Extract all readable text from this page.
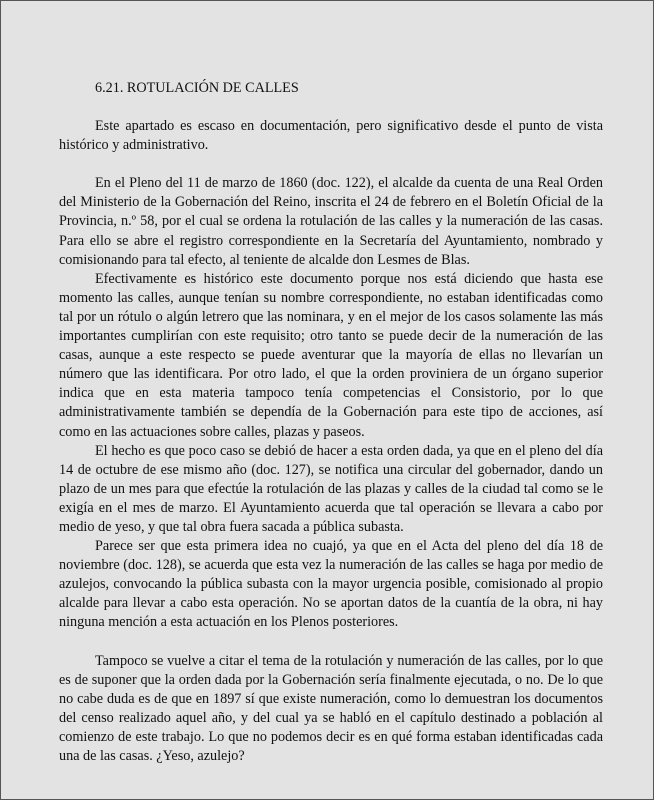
6.21. ROTULACIÓN DE CALLES

Este apartado es escaso en documentación, pero significativo desde el punto de vista histórico y administrativo.

En el Pleno del 11 de marzo de 1860 (doc. 122), el alcalde da cuenta de una Real Orden del Ministerio de la Gobernación del Reino, inscrita el 24 de febrero en el Boletín Oficial de la Provincia, n.º 58, por el cual se ordena la rotulación de las calles y la numeración de las casas. Para ello se abre el registro correspondiente en la Secretaría del Ayuntamiento, nombrado y comisionando para tal efecto, al teniente de alcalde don Lesmes de Blas.

Efectivamente es histórico este documento porque nos está diciendo que hasta ese momento las calles, aunque tenían su nombre correspondiente, no estaban identificadas como tal por un rótulo o algún letrero que las nominara, y en el mejor de los casos solamente las más importantes cumplirían con este requisito; otro tanto se puede decir de la numeración de las casas, aunque a este respecto se puede aventurar que la mayoría de ellas no llevarían un número que las identificara. Por otro lado, el que la orden proviniera de un órgano superior indica que en esta materia tampoco tenía competencias el Consistorio, por lo que administrativamente también se dependía de la Gobernación para este tipo de acciones, así como en las actuaciones sobre calles, plazas y paseos.

El hecho es que poco caso se debió de hacer a esta orden dada, ya que en el pleno del día 14 de octubre de ese mismo año (doc. 127), se notifica una circular del gobernador, dando un plazo de un mes para que efectúe la rotulación de las plazas y calles de la ciudad tal como se le exigía en el mes de marzo. El Ayuntamiento acuerda que tal operación se llevara a cabo por medio de yeso, y que tal obra fuera sacada a pública subasta.

Parece ser que esta primera idea no cuajó, ya que en el Acta del pleno del día 18 de noviembre (doc. 128), se acuerda que esta vez la numeración de las calles se haga por medio de azulejos, convocando la pública subasta con la mayor urgencia posible, comisionado al propio alcalde para llevar a cabo esta operación. No se aportan datos de la cuantía de la obra, ni hay ninguna mención a esta actuación en los Plenos posteriores.

Tampoco se vuelve a citar el tema de la rotulación y numeración de las calles, por lo que es de suponer que la orden dada por la Gobernación sería finalmente ejecutada, o no. De lo que no cabe duda es de que en 1897 sí que existe numeración, como lo demuestran los documentos del censo realizado aquel año, y del cual ya se habló en el capítulo destinado a población al comienzo de este trabajo. Lo que no podemos decir es en qué forma estaban identificadas cada una de las casas. ¿Yeso, azulejo?
